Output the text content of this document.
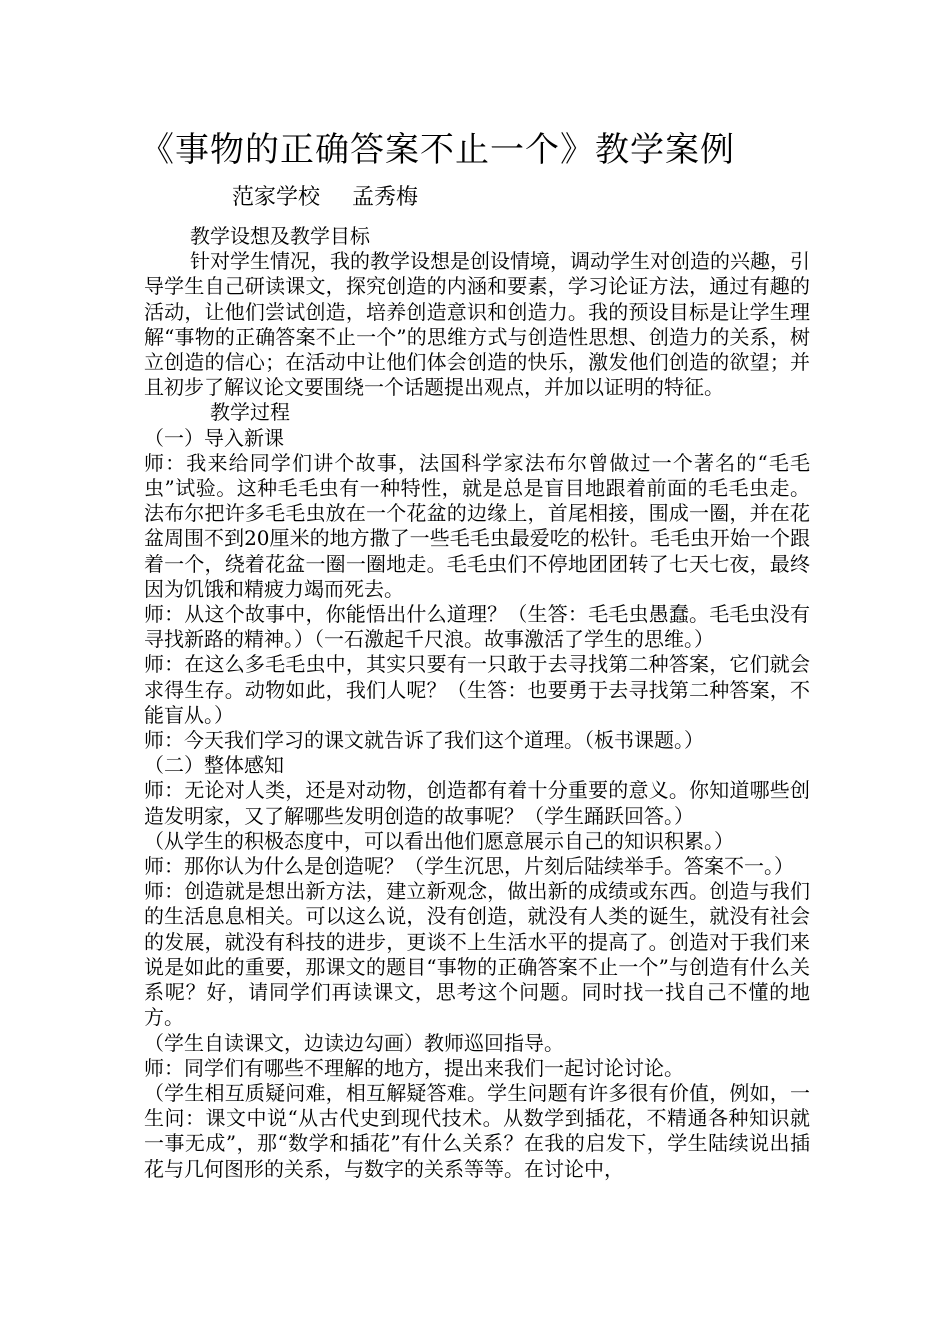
《事物的正确答案不止一个》教学案例
范家学校 孟秀梅

教学设想及教学目标

针对学生情况，我的教学设想是创设情境，调动学生对创造的兴趣，引导学生自己研读课文，探究创造的内涵和要素，学习论证方法，通过有趣的活动，让他们尝试创造，培养创造意识和创造力。我的预设目标是让学生理解“事物的正确答案不止一个”的思维方式与创造性思想、创造力的关系，树立创造的信心；在活动中让他们体会创造的快乐，激发他们创造的欲望；并且初步了解议论文要围绕一个话题提出观点，并加以证明的特征。

教学过程

（一）导入新课

师：我来给同学们讲个故事，法国科学家法布尔曾做过一个著名的“毛毛虫”试验。这种毛毛虫有一种特性，就是总是盲目地跟着前面的毛毛虫走。法布尔把许多毛毛虫放在一个花盆的边缘上，首尾相接，围成一圈，并在花盆周围不到20厘米的地方撒了一些毛毛虫最爱吃的松针。毛毛虫开始一个跟着一个，绕着花盆一圈一圈地走。毛毛虫们不停地团团转了七天七夜，最终因为饥饿和精疲力竭而死去。

师：从这个故事中，你能悟出什么道理？（生答：毛毛虫愚蠢。毛毛虫没有寻找新路的精神。）（一石激起千尺浪。故事激活了学生的思维。）

师：在这么多毛毛虫中，其实只要有一只敢于去寻找第二种答案，它们就会求得生存。动物如此，我们人呢？（生答：也要勇于去寻找第二种答案，不能盲从。）

师：今天我们学习的课文就告诉了我们这个道理。（板书课题。）

（二）整体感知

师：无论对人类，还是对动物，创造都有着十分重要的意义。你知道哪些创造发明家，又了解哪些发明创造的故事呢？（学生踊跃回答。）

（从学生的积极态度中，可以看出他们愿意展示自己的知识积累。）

师：那你认为什么是创造呢？（学生沉思，片刻后陆续举手。答案不一。）

师：创造就是想出新方法，建立新观念，做出新的成绩或东西。创造与我们的生活息息相关。可以这么说，没有创造，就没有人类的诞生，就没有社会的发展，就没有科技的进步，更谈不上生活水平的提高了。创造对于我们来说是如此的重要，那课文的题目“事物的正确答案不止一个”与创造有什么关系呢？好，请同学们再读课文，思考这个问题。同时找一找自己不懂的地方。

（学生自读课文，边读边勾画）教师巡回指导。

师：同学们有哪些不理解的地方，提出来我们一起讨论讨论。

（学生相互质疑问难，相互解疑答难。学生问题有许多很有价值，例如，一生问：课文中说“从古代史到现代技术。从数学到插花，不精通各种知识就一事无成”，那“数学和插花”有什么关系？在我的启发下，学生陆续说出插花与几何图形的关系，与数字的关系等等。在讨论中，
